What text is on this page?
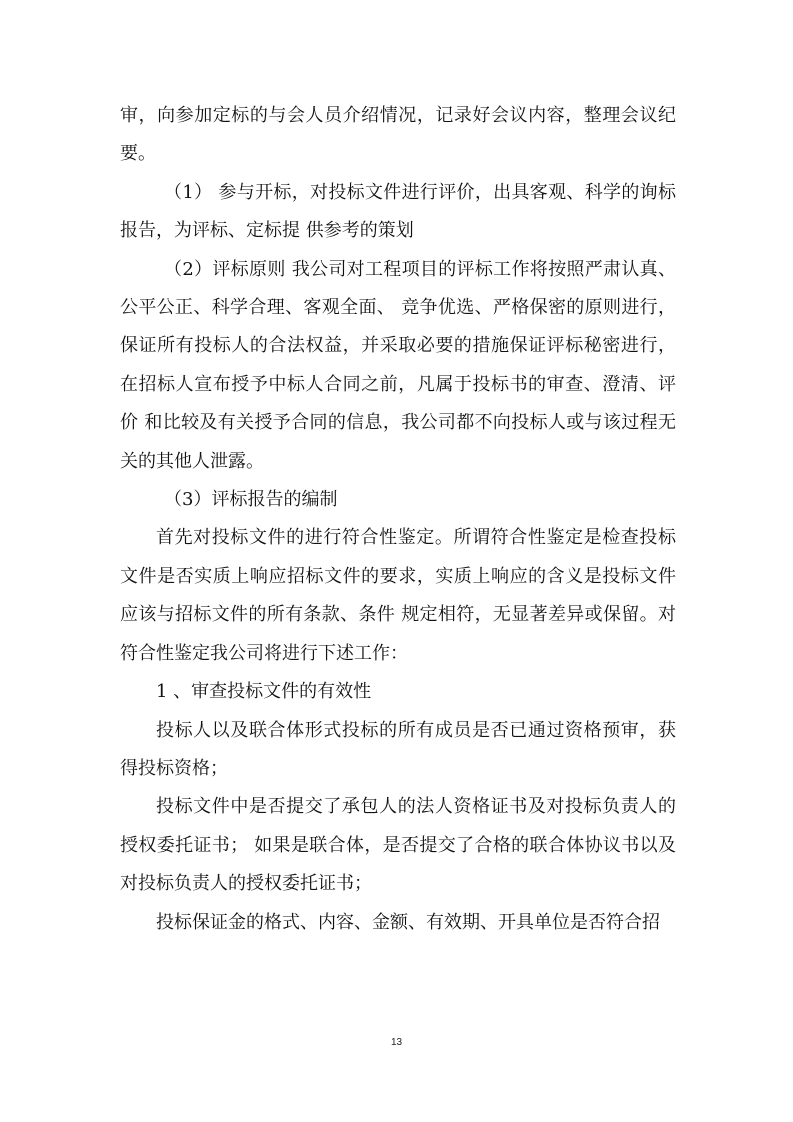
审，向参加定标的与会人员介绍情况，记录好会议内容，整理会议纪要。

（1） 参与开标，对投标文件进行评价，出具客观、科学的询标报告，为评标、定标提 供参考的策划

（2）评标原则 我公司对工程项目的评标工作将按照严肃认真、公平公正、科学合理、客观全面、 竞争优选、严格保密的原则进行，保证所有投标人的合法权益，并采取必要的措施保证评标秘密进行，在招标人宣布授予中标人合同之前，凡属于投标书的审查、澄清、评价 和比较及有关授予合同的信息，我公司都不向投标人或与该过程无关的其他人泄露。

（3）评标报告的编制

首先对投标文件的进行符合性鉴定。所谓符合性鉴定是检查投标文件是否实质上响应招标文件的要求，实质上响应的含义是投标文件应该与招标文件的所有条款、条件 规定相符，无显著差异或保留。对符合性鉴定我公司将进行下述工作：

1 、审查投标文件的有效性

投标人以及联合体形式投标的所有成员是否已通过资格预审，获得投标资格；

投标文件中是否提交了承包人的法人资格证书及对投标负责人的授权委托证书； 如果是联合体，是否提交了合格的联合体协议书以及对投标负责人的授权委托证书；

投标保证金的格式、内容、金额、有效期、开具单位是否符合招

13
